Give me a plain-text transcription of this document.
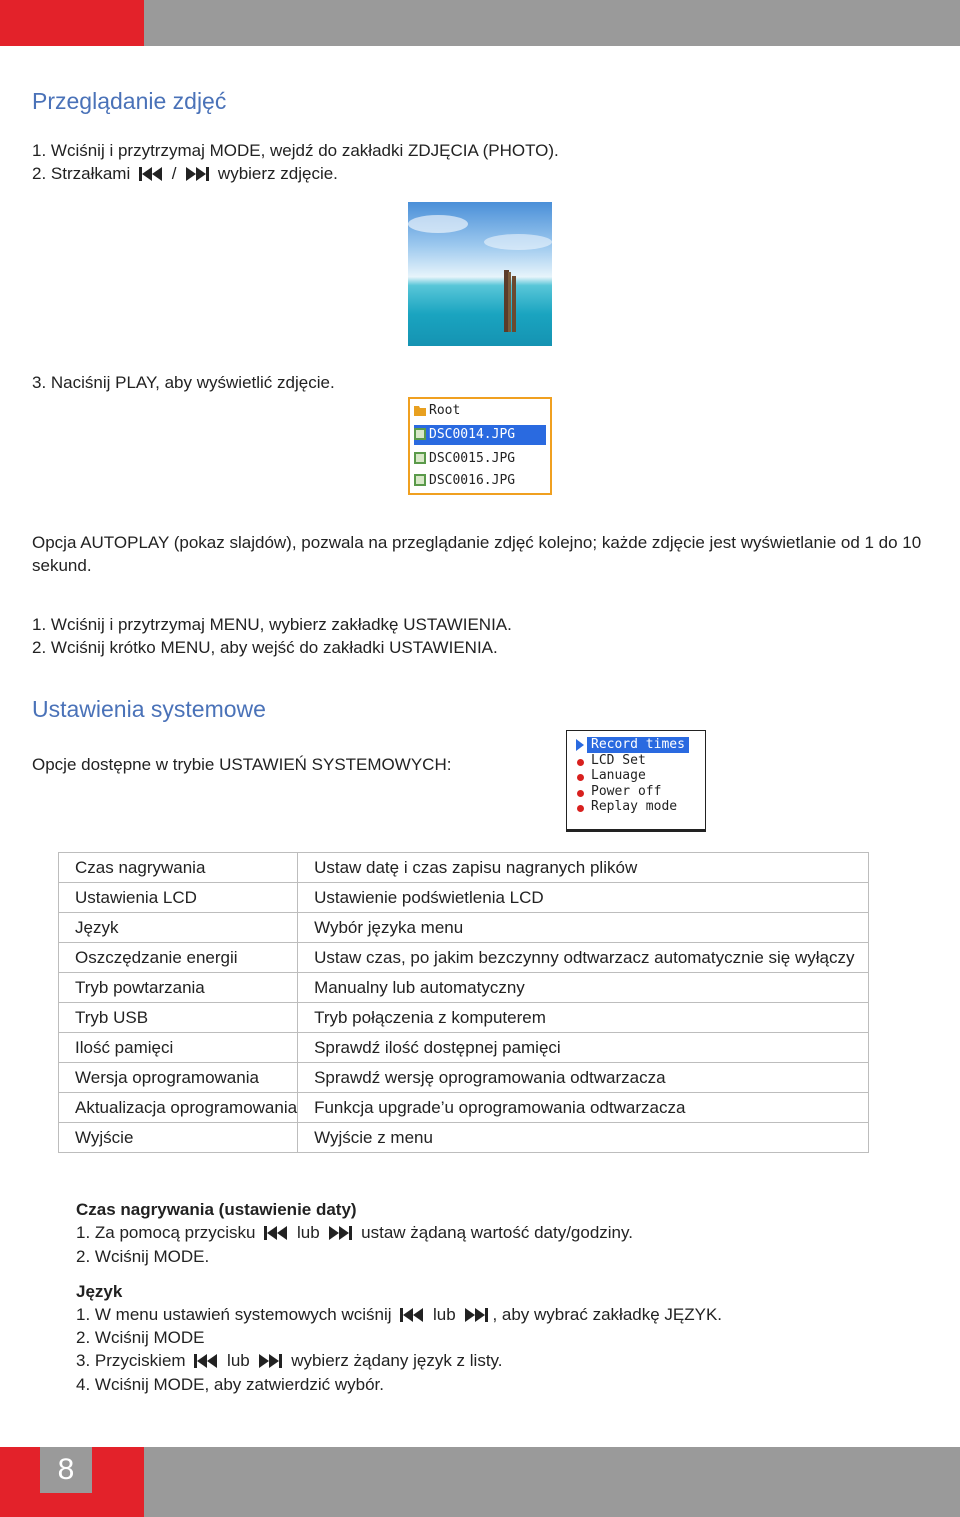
8
Przeglądanie zdjęć
1. Wciśnij i przytrzymaj MODE, wejdź do zakładki ZDJĘCIA (PHOTO).
2. Strzałkami / wybierz zdjęcie.
3. Naciśnij PLAY, aby wyświetlić zdjęcie.
Root
DSC0014.JPG
DSC0015.JPG
DSC0016.JPG
Opcja AUTOPLAY (pokaz slajdów), pozwala na przeglądanie zdjęć kolejno; każde zdjęcie jest wyświetlanie od 1 do 10 sekund.
1. Wciśnij i przytrzymaj MENU, wybierz zakładkę USTAWIENIA.
2. Wciśnij krótko MENU, aby wejść do zakładki USTAWIENIA.
Ustawienia systemowe
Opcje dostępne w trybie USTAWIEŃ SYSTEMOWYCH:
Record times
LCD Set
Lanuage
Power off
Replay mode
Czas nagrywania	Ustaw datę i czas zapisu nagranych plików
Ustawienia LCD	Ustawienie podświetlenia LCD
Język	Wybór języka menu
Oszczędzanie energii	Ustaw czas, po jakim bezczynny odtwarzacz automatycznie się wyłączy
Tryb powtarzania	Manualny lub automatyczny
Tryb USB	Tryb połączenia z komputerem
Ilość pamięci	Sprawdź ilość dostępnej pamięci
Wersja oprogramowania	Sprawdź wersję oprogramowania odtwarzacza
Aktualizacja oprogramowania	Funkcja upgrade’u oprogramowania odtwarzacza
Wyjście	Wyjście z menu
Czas nagrywania (ustawienie daty)
1. Za pomocą przycisku lub ustaw żądaną wartość daty/godziny.
2. Wciśnij MODE.
Język
1. W menu ustawień systemowych wciśnij lub , aby wybrać zakładkę JĘZYK.
2. Wciśnij MODE
3. Przyciskiem lub wybierz żądany język z listy.
4. Wciśnij MODE, aby zatwierdzić wybór.
